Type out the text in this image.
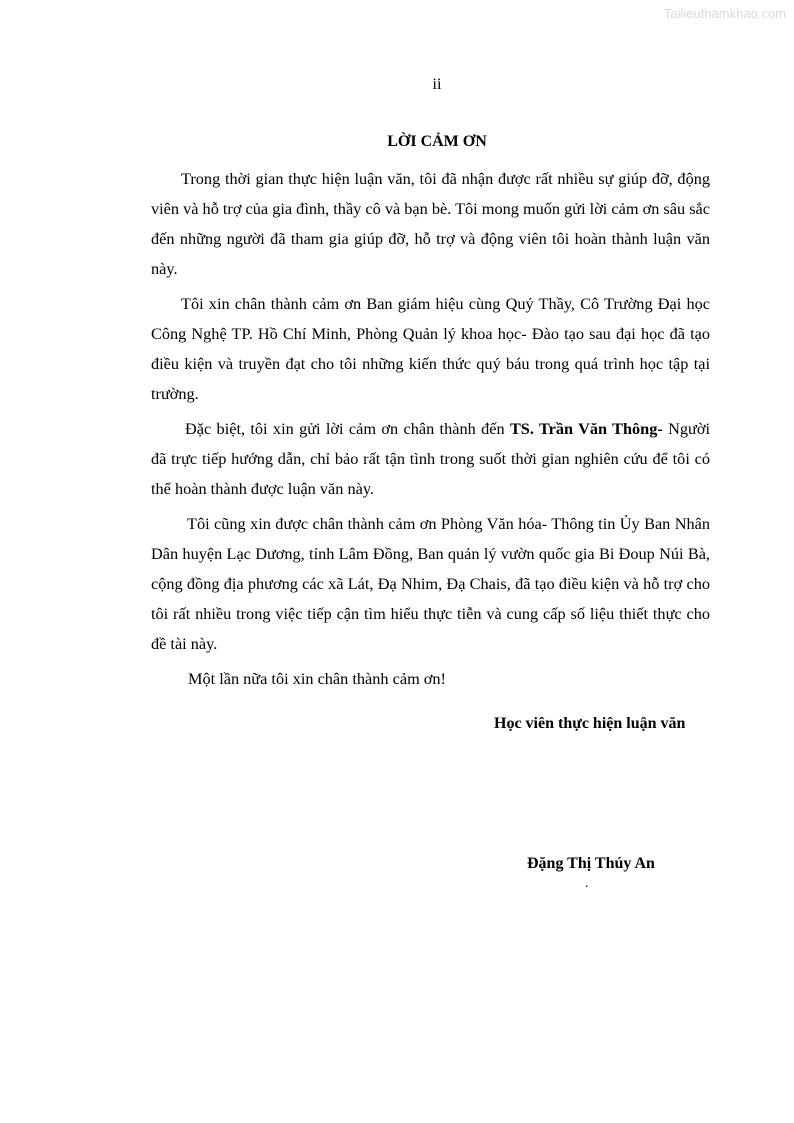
Tailieuthamkhao.com
ii
LỜI CẢM ƠN

Trong thời gian thực hiện luận văn, tôi đã nhận được rất nhiều sự giúp đỡ, động viên và hỗ trợ của gia đình, thầy cô và bạn bè. Tôi mong muốn gửi lời cảm ơn sâu sắc đến những người đã tham gia giúp đỡ, hỗ trợ và động viên tôi hoàn thành luận văn này.

Tôi xin chân thành cảm ơn Ban giám hiệu cùng Quý Thầy, Cô Trường Đại học Công Nghệ TP. Hồ Chí Minh, Phòng Quản lý khoa học- Đào tạo sau đại học đã tạo điều kiện và truyền đạt cho tôi những kiến thức quý báu trong quá trình học tập tại trường.

Đặc biệt, tôi xin gửi lời cảm ơn chân thành đến TS. Trần Văn Thông- Người đã trực tiếp hướng dẫn, chỉ bảo rất tận tình trong suốt thời gian nghiên cứu để tôi có thể hoàn thành được luận văn này.

Tôi cũng xin được chân thành cảm ơn Phòng Văn hóa- Thông tin Ủy Ban Nhân Dân huyện Lạc Dương, tỉnh Lâm Đồng, Ban quản lý vườn quốc gia Bi Đoup Núi Bà, cộng đồng địa phương các xã Lát, Đạ Nhim, Đạ Chais, đã tạo điều kiện và hỗ trợ cho tôi rất nhiều trong việc tiếp cận tìm hiểu thực tiễn và cung cấp số liệu thiết thực cho đề tài này.

Một lần nữa tôi xin chân thành cảm ơn!

Học viên thực hiện luận văn
Đặng Thị Thúy An
.
